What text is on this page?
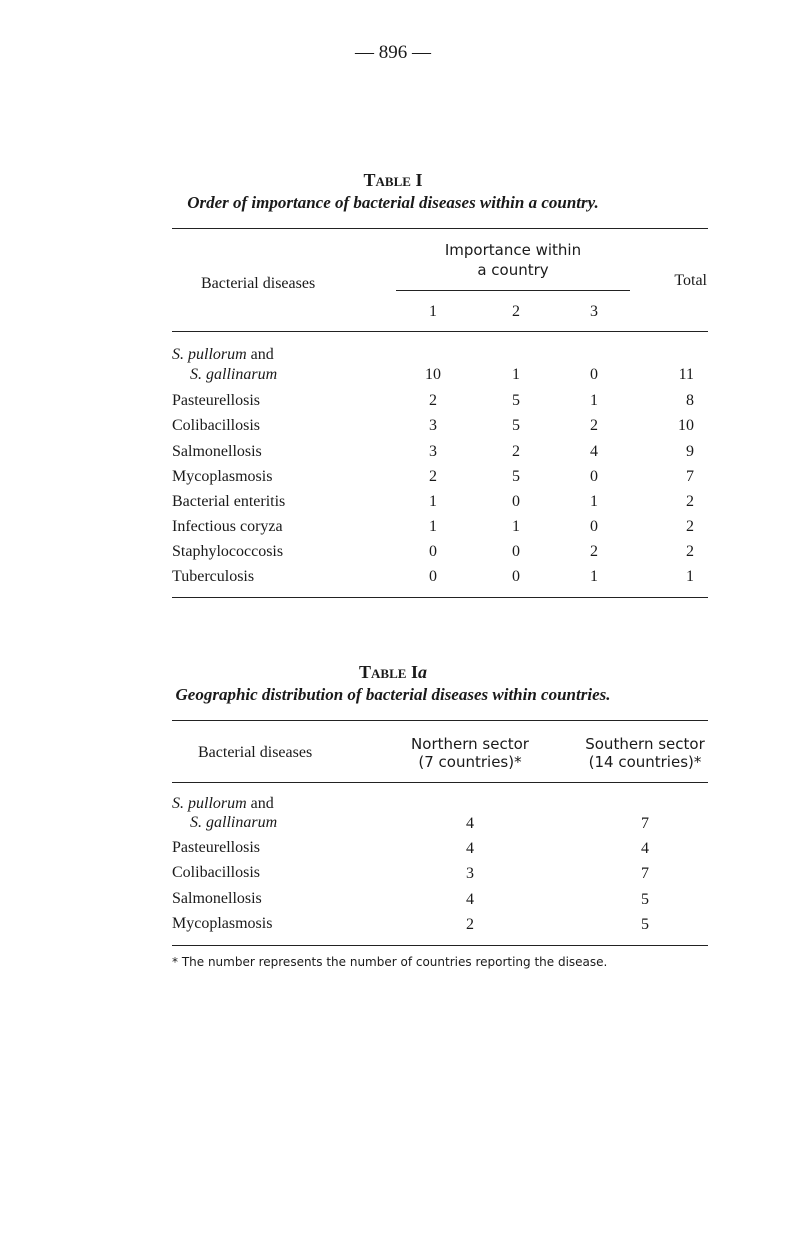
— 896 —
Table I
Order of importance of bacterial diseases within a country.
Bacterial diseases
Importance within
a country
Total
1	2	3
S. pullorum and
S. gallinarum	10	1	0	11
Pasteurellosis	2	5	1	8
Colibacillosis	3	5	2	10
Salmonellosis	3	2	4	9
Mycoplasmosis	2	5	0	7
Bacterial enteritis	1	0	1	2
Infectious coryza	1	1	0	2
Staphylococcosis	0	0	2	2
Tuberculosis	0	0	1	1
Table Ia
Geographic distribution of bacterial diseases within countries.
Bacterial diseases	Northern sector
(7 countries)*
Southern sector
(14 countries)*
S. pullorum and
S. gallinarum	4	7
Pasteurellosis	4	4
Colibacillosis	3	7
Salmonellosis	4	5
Mycoplasmosis	2	5
* The number represents the number of countries reporting the disease.
